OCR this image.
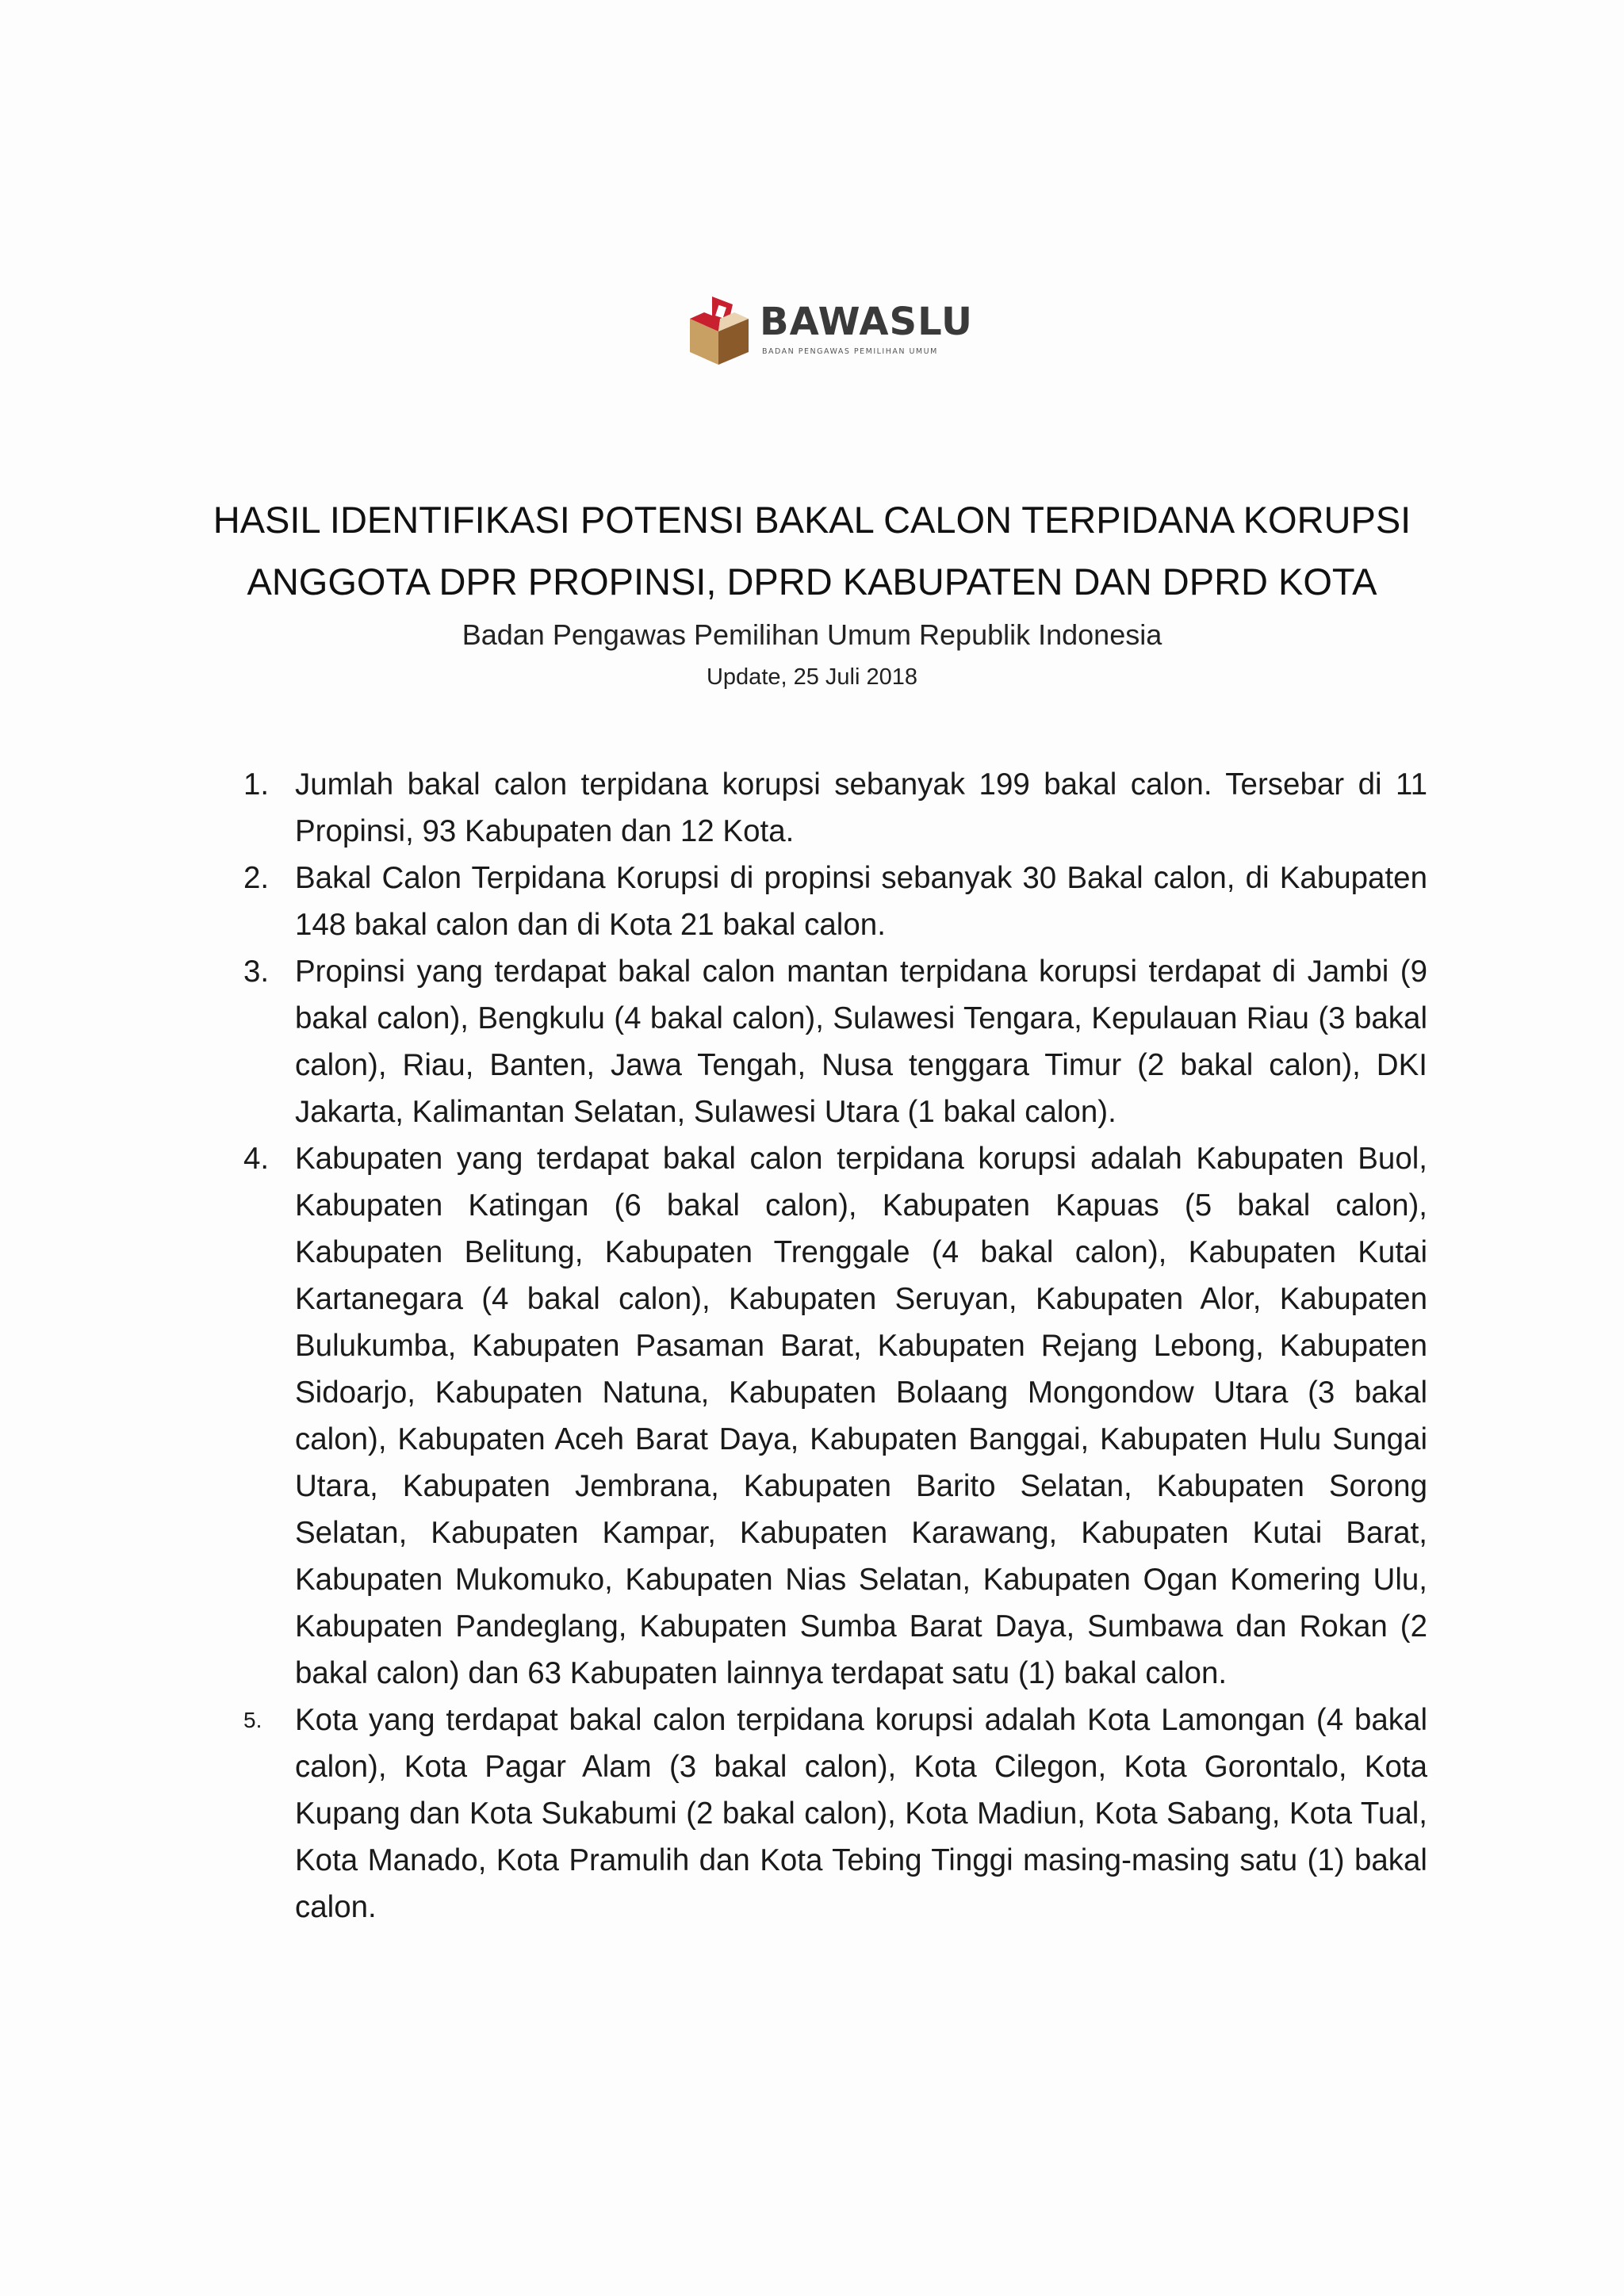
BAWASLU
BADAN PENGAWAS PEMILIHAN UMUM
HASIL IDENTIFIKASI POTENSI BAKAL CALON TERPIDANA KORUPSI
ANGGOTA DPR PROPINSI, DPRD KABUPATEN DAN DPRD KOTA
Badan Pengawas Pemilihan Umum Republik Indonesia
Update, 25 Juli 2018
1. Jumlah bakal calon terpidana korupsi sebanyak 199 bakal calon. Tersebar di 11 Propinsi, 93 Kabupaten dan 12 Kota.
2. Bakal Calon Terpidana Korupsi di propinsi sebanyak 30 Bakal calon, di Kabupaten 148 bakal calon dan di Kota 21 bakal calon.
3. Propinsi yang terdapat bakal calon mantan terpidana korupsi terdapat di Jambi (9 bakal calon), Bengkulu (4 bakal calon), Sulawesi Tengara, Kepulauan Riau (3 bakal calon), Riau, Banten, Jawa Tengah, Nusa tenggara Timur (2 bakal calon), DKI Jakarta, Kalimantan Selatan, Sulawesi Utara (1 bakal calon).
4. Kabupaten yang terdapat bakal calon terpidana korupsi adalah Kabupaten Buol, Kabupaten Katingan (6 bakal calon), Kabupaten Kapuas (5 bakal calon), Kabupaten Belitung, Kabupaten Trenggale (4 bakal calon), Kabupaten Kutai Kartanegara (4 bakal calon), Kabupaten Seruyan, Kabupaten Alor, Kabupaten Bulukumba, Kabupaten Pasaman Barat, Kabupaten Rejang Lebong, Kabupaten Sidoarjo, Kabupaten Natuna, Kabupaten Bolaang Mongondow Utara (3 bakal calon), Kabupaten Aceh Barat Daya, Kabupaten Banggai, Kabupaten Hulu Sungai Utara, Kabupaten Jembrana, Kabupaten Barito Selatan, Kabupaten Sorong Selatan, Kabupaten Kampar, Kabupaten Karawang, Kabupaten Kutai Barat, Kabupaten Mukomuko, Kabupaten Nias Selatan, Kabupaten Ogan Komering Ulu, Kabupaten Pandeglang, Kabupaten Sumba Barat Daya, Sumbawa dan Rokan (2 bakal calon) dan 63 Kabupaten lainnya terdapat satu (1) bakal calon.
5.	Kota yang terdapat bakal calon terpidana korupsi adalah Kota Lamongan (4 bakal calon), Kota Pagar Alam (3 bakal calon), Kota Cilegon, Kota Gorontalo, Kota Kupang dan Kota Sukabumi (2 bakal calon), Kota Madiun, Kota Sabang, Kota Tual, Kota Manado, Kota Pramulih dan Kota Tebing Tinggi masing-masing satu (1) bakal calon.
